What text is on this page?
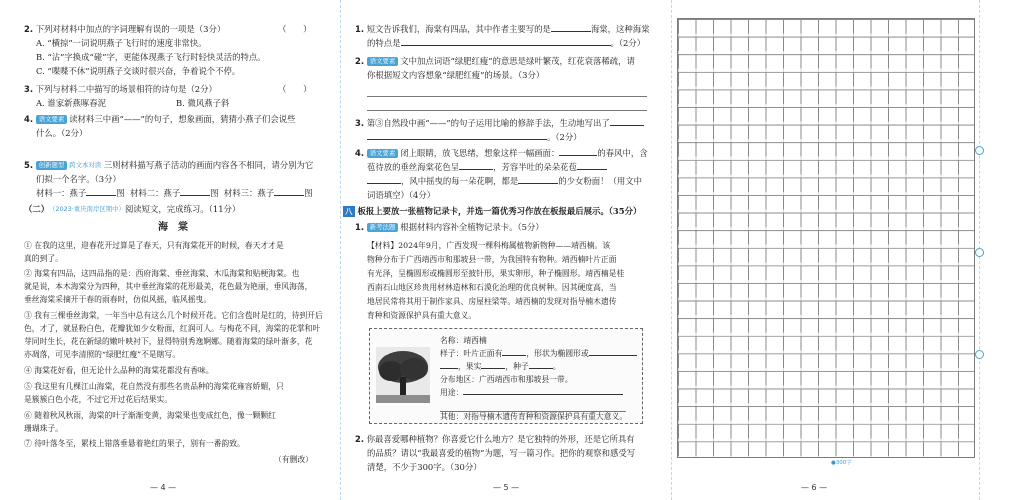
2. 下列对材料中加点的字词理解有误的一项是（3分）	（　　）
A. “横掠”一词说明燕子飞行时的速度非常快。
B. “沾”字换成“碰”字，更能体现燕子飞行时轻快灵活的特点。
C. “喋喋不休”说明燕子交谈时很兴奋，争着说个不停。
3. 下列与材料二中描写的场景相符的诗句是（2分）	（　　）
A. 谁家新燕啄春泥	B. 微风燕子斜
4. 语文要素 读材料三中画“——”的句子，想象画面，猜猜小燕子们会说些
什么。（2分）
5. 创新题型 跨文本对读 三则材料描写燕子活动的画面内容各不相同，请分别为它
们拟一个名字。（3分）
材料一：燕子	图 材料二：燕子	图 材料三：燕子	图
（二）（2023·重庆南岸区期中）阅读短文，完成练习。（11分）
海　棠
① 在我的这里，迎春花开过算是了春天，只有海棠花开的时候，春天才才是
真的到了。
② 海棠有四品，这四品指的是：西府海棠、垂丝海棠、木瓜海棠和贴梗海棠。也
就是说，本木海棠分为四种，其中垂丝海棠的花形最美，花色最为艳丽，垂风海荡，
垂丝海棠采摘开于春的雨春时，仿似风摇，临风摇曳。
③ 我有三棵垂丝海棠，一年当中总有这么几个时候开花。它们含苞时是红的，待到开后
色，才了，就显粉白色，花瓣犹如少女粉面，红润可人。与梅花不同，海棠的花掌和叶
芽同时生长，花在新绿的嫩叶映衬下，显得特别秀逸婀娜。随着海棠的绿叶渐多，花
亦凋落，可见李清照的“绿肥红瘦”不是瞎写。
④ 海棠花好看，但无论什么品种的海棠花都没有香味。
⑤ 我这里有几棵江山海棠，花自然没有那些名贵品种的海棠花雍容娇媚，只
是簇簇白色小花，不过它开过花后结果实。
⑥ 随着秋风秋雨，海棠的叶子渐渐变黄，海棠果也变成红色，像一颗颗红
珊瑚珠子。
⑦ 待叶落冬至，累枝上错落垂悬着艳红的果子，别有一番韵致。
（有删改）
— 4 —
1. 短文告诉我们，海棠有四品，其中作者主要写的是	海棠，这种海棠
的特点是	。（2分）
2. 语文要素 文中加点词语“绿肥红瘦”的意思是绿叶繁茂，红花衰落稀疏，请
你根据短文内容想象“绿肥红瘦”的场景。（3分）
3. 第③自然段中画“——”的句子运用比喻的修辞手法，生动地写出了
。（2分）
4. 语文要素 闭上眼睛，放飞思绪，想象这样一幅画面：	的春风中，含
苞待放的垂丝海棠花色呈	，芳容半吐的朵朵花苞
，风中摇曳的每一朵花啊，都是	的少女粉面！（用文中
词语填空）（4分）
八 板报上要放一张植物记录卡，并选一篇优秀习作放在板报最后展示。（35分）
1. 新考法题 根据材料内容补全植物记录卡。（5分）
【材料】2024年9月，广西发现一棵科梅属植物新物种——靖西楠。该
物种分布于广西靖西市和那坡县一带，为我国特有物种。靖西楠叶片正面
有光泽，呈椭圆形或椭圆形至披针形，果实卵形，种子椭圆形。靖西楠是桂
西南石山地区珍贵用材林造林和石漠化治理的优良树种。因其硬度高，当
地居民常将其用于制作家具、房屋柱梁等。靖西楠的发现对指导楠木遗传
育种和资源保护具有重大意义。
名称：靖西楠
样子：叶片正面有	，形状为椭圆形或
，果实	，种子	。
分布地区：广西靖西市和那坡县一带。
用途：
其他：对指导楠木遗传育种和资源保护具有重大意义。
2. 你最喜爱哪种植物？你喜爱它什么地方？是它独特的外形，还是它所具有
的品质？请以“我最喜爱的植物”为题，写一篇习作。把你的观察和感受写
清楚，不少于300字。（30分）
— 5 —
●300字
— 6 —
